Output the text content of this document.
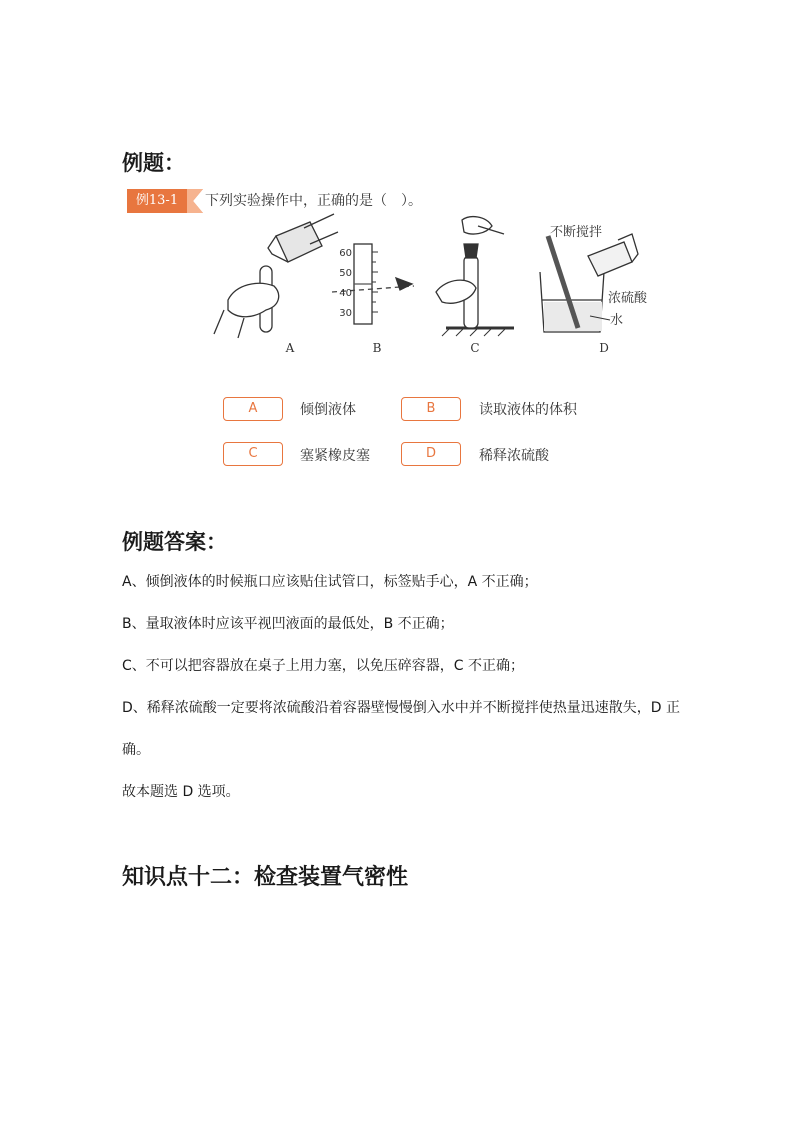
例题：
例13-1	下列实验操作中，正确的是（　）。
60
50
40
30
不断搅拌
浓硫酸
水
A	B	C	D
A	倾倒液体	B	读取液体的体积
C	塞紧橡皮塞	D	稀释浓硫酸
例题答案：

A、倾倒液体的时候瓶口应该贴住试管口，标签贴手心，A 不正确；

B、量取液体时应该平视凹液面的最低处，B 不正确；

C、不可以把容器放在桌子上用力塞，以免压碎容器，C 不正确；

D、稀释浓硫酸一定要将浓硫酸沿着容器壁慢慢倒入水中并不断搅拌使热量迅速散失，D 正

确。

故本题选 D 选项。

知识点十二：检查装置气密性
